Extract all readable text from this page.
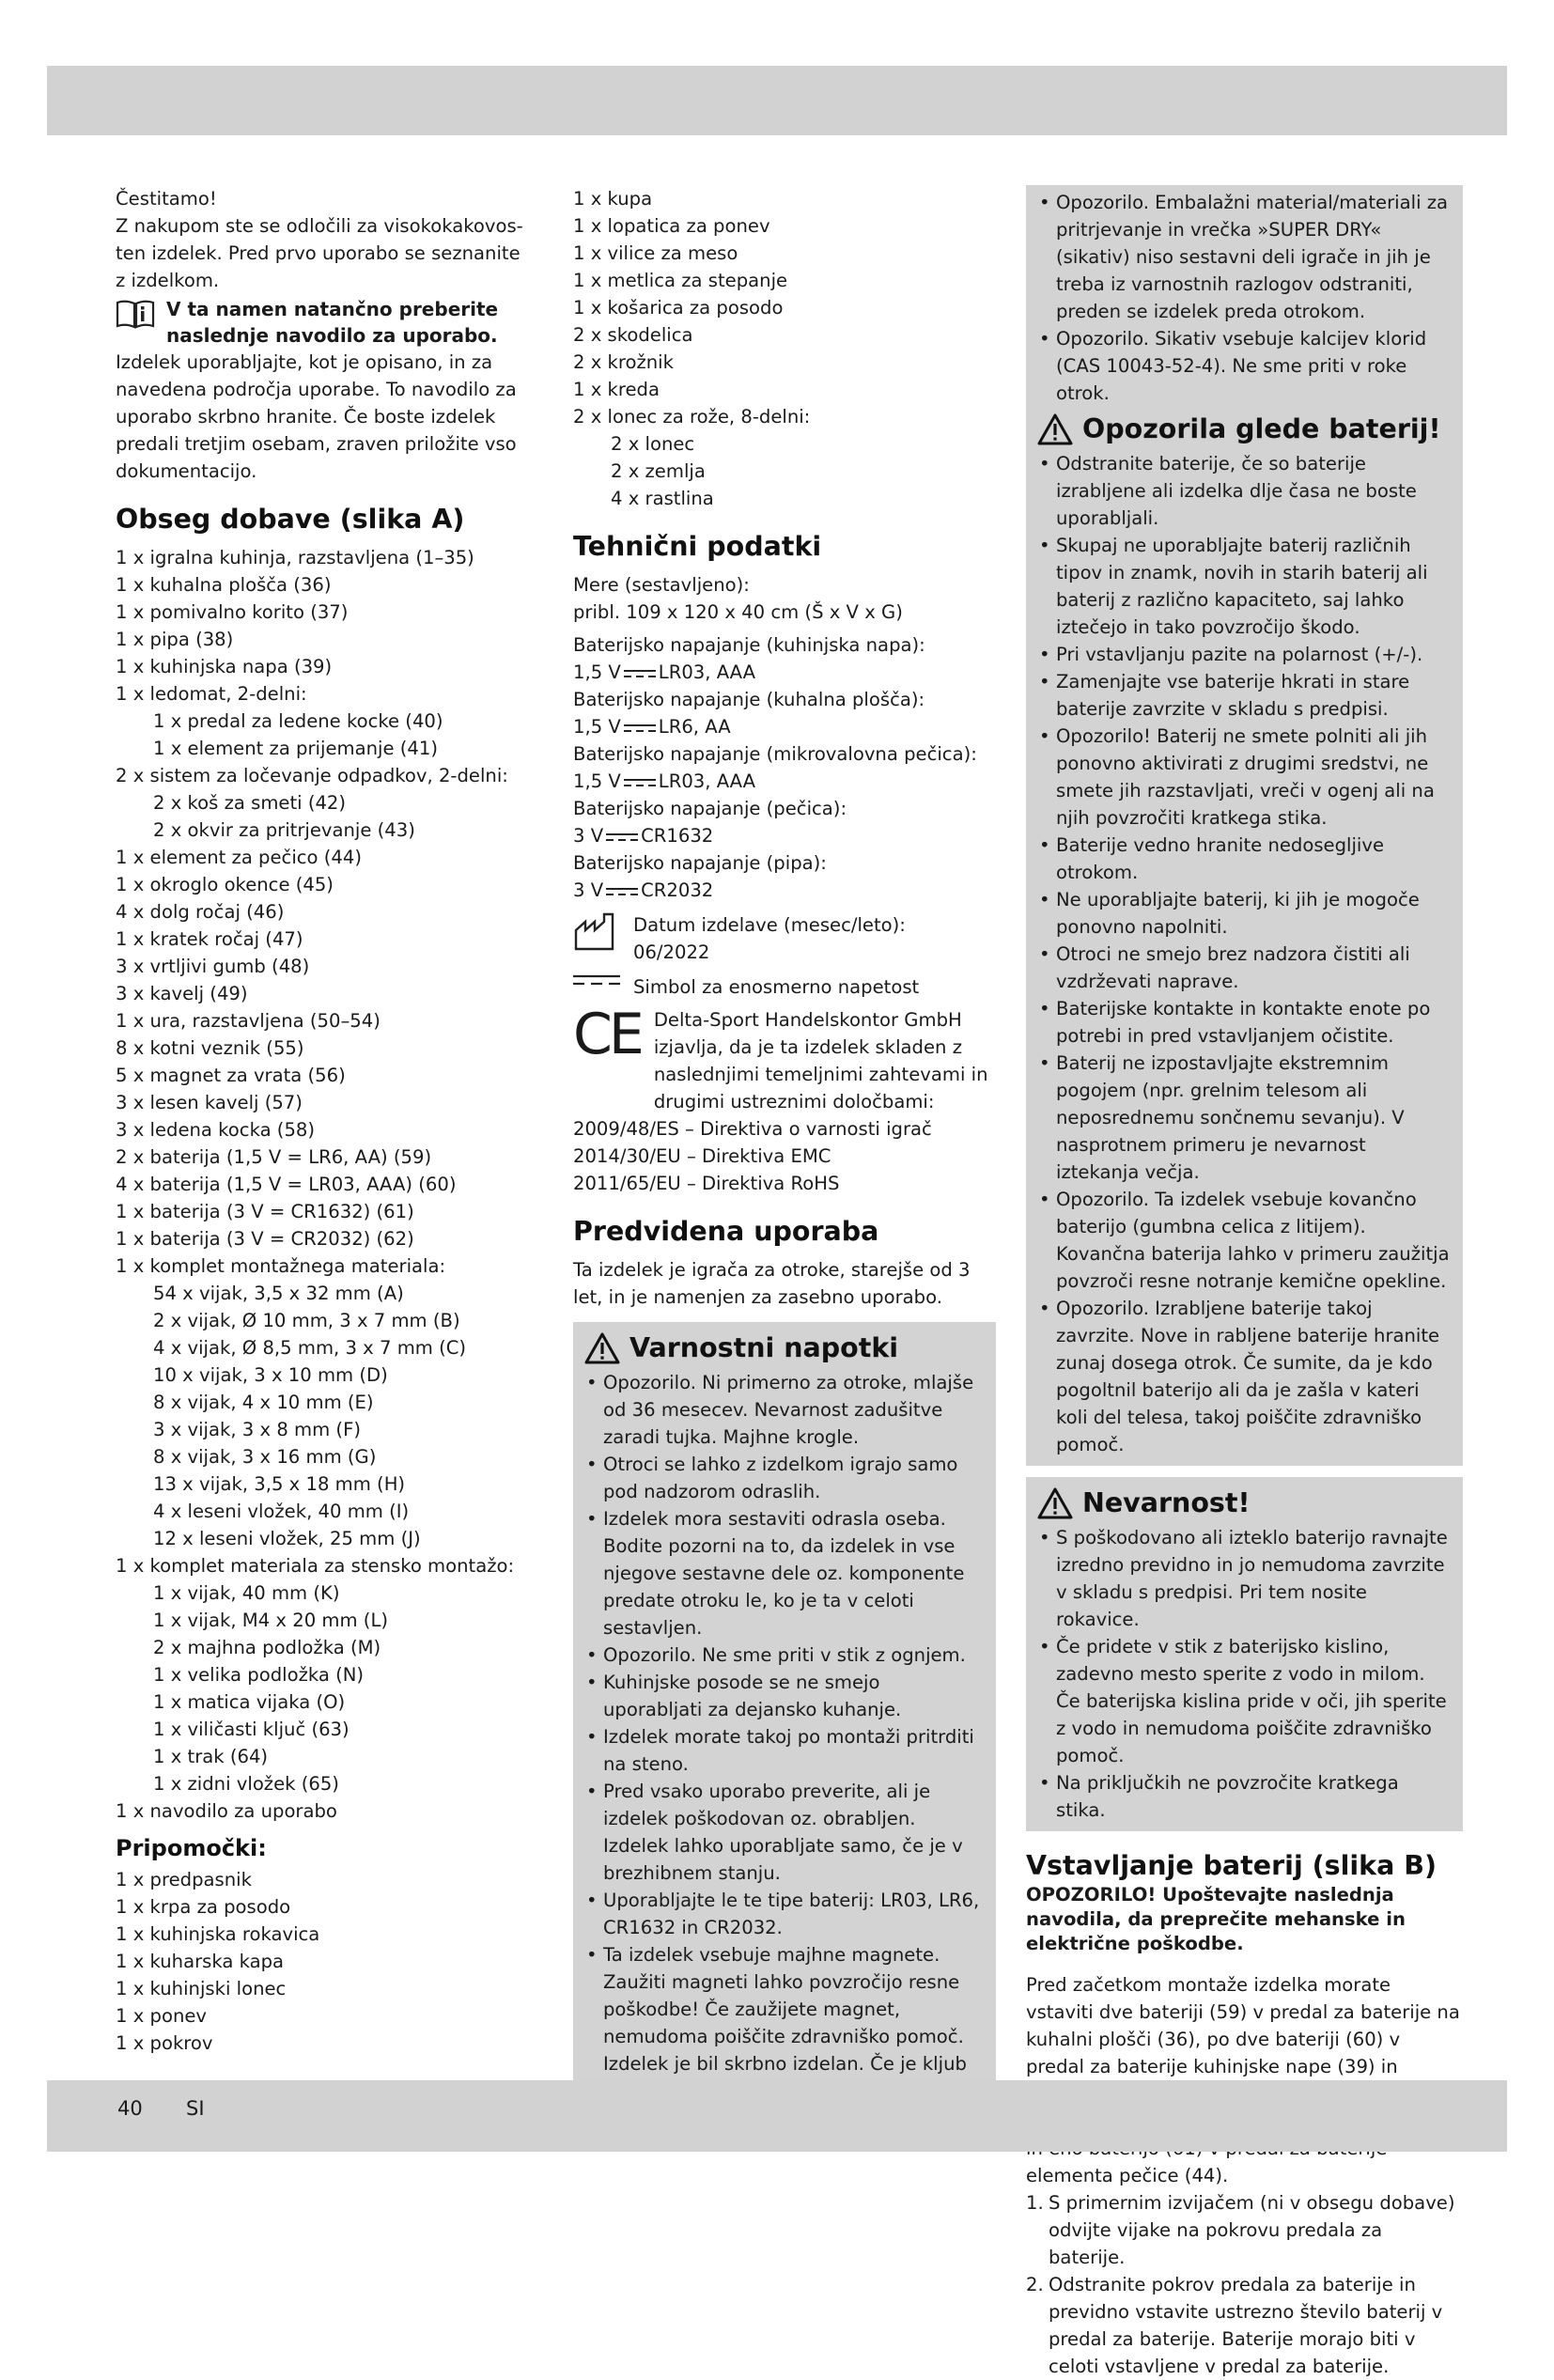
Čestitamo!

Z nakupom ste se odločili za visokokakovos-ten izdelek. Pred prvo uporabo se seznanite z izdelkom.

V ta namen natančno preberite naslednje navodilo za uporabo.

Izdelek uporabljajte, kot je opisano, in za navedena področja uporabe. To navodilo za uporabo skrbno hranite. Če boste izdelek predali tretjim osebam, zraven priložite vso dokumentacijo.

Obseg dobave (slika A)

1 x igralna kuhinja, razstavljena (1–35)

1 x kuhalna plošča (36)

1 x pomivalno korito (37)

1 x pipa (38)

1 x kuhinjska napa (39)

1 x ledomat, 2-delni:

1 x predal za ledene kocke (40)

1 x element za prijemanje (41)

2 x sistem za ločevanje odpadkov, 2-delni:

2 x koš za smeti (42)

2 x okvir za pritrjevanje (43)

1 x element za pečico (44)

1 x okroglo okence (45)

4 x dolg ročaj (46)

1 x kratek ročaj (47)

3 x vrtljivi gumb (48)

3 x kavelj (49)

1 x ura, razstavljena (50–54)

8 x kotni veznik (55)

5 x magnet za vrata (56)

3 x lesen kavelj (57)

3 x ledena kocka (58)

2 x baterija (1,5 V = LR6, AA) (59)

4 x baterija (1,5 V = LR03, AAA) (60)

1 x baterija (3 V = CR1632) (61)

1 x baterija (3 V = CR2032) (62)

1 x komplet montažnega materiala:

54 x vijak, 3,5 x 32 mm (A)

2 x vijak, Ø 10 mm, 3 x 7 mm (B)

4 x vijak, Ø 8,5 mm, 3 x 7 mm (C)

10 x vijak, 3 x 10 mm (D)

8 x vijak, 4 x 10 mm (E)

3 x vijak, 3 x 8 mm (F)

8 x vijak, 3 x 16 mm (G)

13 x vijak, 3,5 x 18 mm (H)

4 x leseni vložek, 40 mm (I)

12 x leseni vložek, 25 mm (J)

1 x komplet materiala za stensko montažo:

1 x vijak, 40 mm (K)

1 x vijak, M4 x 20 mm (L)

2 x majhna podložka (M)

1 x velika podložka (N)

1 x matica vijaka (O)

1 x viličasti ključ (63)

1 x trak (64)

1 x zidni vložek (65)

1 x navodilo za uporabo

Pripomočki:

1 x predpasnik

1 x krpa za posodo

1 x kuhinjska rokavica

1 x kuharska kapa

1 x kuhinjski lonec

1 x ponev

1 x pokrov

1 x kupa

1 x lopatica za ponev

1 x vilice za meso

1 x metlica za stepanje

1 x košarica za posodo

2 x skodelica

2 x krožnik

1 x kreda

2 x lonec za rože, 8-delni:

2 x lonec

2 x zemlja

4 x rastlina

Tehnični podatki

Mere (sestavljeno):

pribl. 109 x 120 x 40 cm (Š x V x G)

Baterijsko napajanje (kuhinjska napa):

1,5 V LR03, AAA

Baterijsko napajanje (kuhalna plošča):

1,5 V LR6, AA

Baterijsko napajanje (mikrovalovna pečica):

1,5 V LR03, AAA

Baterijsko napajanje (pečica):

3 V CR1632

Baterijsko napajanje (pipa):

3 V CR2032

Datum izdelave (mesec/leto):

06/2022

Simbol za enosmerno napetost
CE Delta-Sport Handelskontor GmbH izjavlja, da je ta izdelek skladen z naslednjimi temeljnimi zahtevami in drugimi ustreznimi določbami:

2009/48/ES – Direktiva o varnosti igrač

2014/30/EU – Direktiva EMC

2011/65/EU – Direktiva RoHS

Predvidena uporaba

Ta izdelek je igrača za otroke, starejše od 3 let, in je namenjen za zasebno uporabo.

Varnostni napotki
• Opozorilo. Ni primerno za otroke, mlajše od 36 mesecev. Nevarnost zadušitve zaradi tujka. Majhne krogle.
• Otroci se lahko z izdelkom igrajo samo pod nadzorom odraslih.
• Izdelek mora sestaviti odrasla oseba. Bodite pozorni na to, da izdelek in vse njegove sestavne dele oz. komponente predate otroku le, ko je ta v celoti sestavljen.
• Opozorilo. Ne sme priti v stik z ognjem.
• Kuhinjske posode se ne smejo uporabljati za dejansko kuhanje.
• Izdelek morate takoj po montaži pritrditi na steno.
• Pred vsako uporabo preverite, ali je izdelek poškodovan oz. obrabljen. Izdelek lahko uporabljate samo, če je v brezhibnem stanju.
• Uporabljajte le te tipe baterij: LR03, LR6, CR1632 in CR2032.
• Ta izdelek vsebuje majhne magnete. Zaužiti magneti lahko povzročijo resne poškodbe! Če zaužijete magnet, nemudoma poiščite zdravniško pomoč. Izdelek je bil skrbno izdelan. Če je kljub
• Opozorilo. Embalažni material/materiali za pritrjevanje in vrečka »SUPER DRY« (sikativ) niso sestavni deli igrače in jih je treba iz varnostnih razlogov odstraniti, preden se izdelek preda otrokom.
• Opozorilo. Sikativ vsebuje kalcijev klorid (CAS 10043-52-4). Ne sme priti v roke otrok.
Opozorila glede baterij!
• Odstranite baterije, če so baterije izrabljene ali izdelka dlje časa ne boste uporabljali.
• Skupaj ne uporabljajte baterij različnih tipov in znamk, novih in starih baterij ali baterij z različno kapaciteto, saj lahko iztečejo in tako povzročijo škodo.
• Pri vstavljanju pazite na polarnost (+/-).
• Zamenjajte vse baterije hkrati in stare baterije zavrzite v skladu s predpisi.
• Opozorilo! Baterij ne smete polniti ali jih ponovno aktivirati z drugimi sredstvi, ne smete jih razstavljati, vreči v ogenj ali na njih povzročiti kratkega stika.
• Baterije vedno hranite nedosegljive otrokom.
• Ne uporabljajte baterij, ki jih je mogoče ponovno napolniti.
• Otroci ne smejo brez nadzora čistiti ali vzdrževati naprave.
• Baterijske kontakte in kontakte enote po potrebi in pred vstavljanjem očistite.
• Baterij ne izpostavljajte ekstremnim pogojem (npr. grelnim telesom ali neposrednemu sončnemu sevanju). V nasprotnem primeru je nevarnost iztekanja večja.
• Opozorilo. Ta izdelek vsebuje kovančno baterijo (gumbna celica z litijem). Kovančna baterija lahko v primeru zaužitja povzroči resne notranje kemične opekline.
• Opozorilo. Izrabljene baterije takoj zavrzite. Nove in rabljene baterije hranite zunaj dosega otrok. Če sumite, da je kdo pogoltnil baterijo ali da je zašla v kateri koli del telesa, takoj poiščite zdravniško pomoč.
Nevarnost!
• S poškodovano ali izteklo baterijo ravnajte izredno previdno in jo nemudoma zavrzite v skladu s predpisi. Pri tem nosite rokavice.
• Če pridete v stik z baterijsko kislino, zadevno mesto sperite z vodo in milom. Če baterijska kislina pride v oči, jih sperite z vodo in nemudoma poiščite zdravniško pomoč.
• Na priključkih ne povzročite kratkega stika.
Vstavljanje baterij (slika B)

OPOZORILO! Upoštevajte naslednja navodila, da preprečite mehanske in električne poškodbe.

Pred začetkom montaže izdelka morate vstaviti dve bateriji (59) v predal za baterije na kuhalni plošči (36), po dve bateriji (60) v predal za baterije kuhinjske nape (39) in elementa pečice (44).

1. S primernim izvijačem (ni v obsegu dobave) odvijte vijake na pokrovu predala za baterije.
2. Odstranite pokrov predala za baterije in previdno vstavite ustrezno število baterij v predal za baterije. Baterije morajo biti v celoti vstavljene v predal za baterije.
40 SI
